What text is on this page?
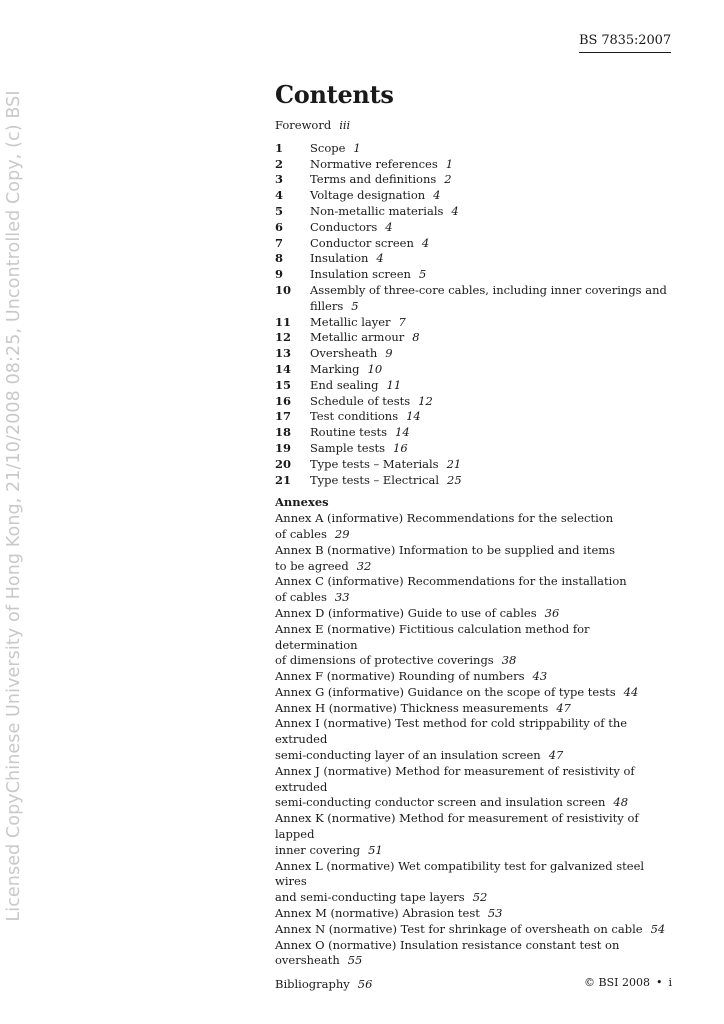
Licensed CopyChinese University of Hong Kong, 21/10/2008 08:25, Uncontrolled Copy, (c) BSI
BS 7835:2007
Contents
Foreword iii
1	Scope 1
2	Normative references 1
3	Terms and definitions 2
4	Voltage designation 4
5	Non-metallic materials 4
6	Conductors 4
7	Conductor screen 4
8	Insulation 4
9	Insulation screen 5
10	Assembly of three-core cables, including inner coverings and fillers 5
11	Metallic layer 7
12	Metallic armour 8
13	Oversheath 9
14	Marking 10
15	End sealing 11
16	Schedule of tests 12
17	Test conditions 14
18	Routine tests 14
19	Sample tests 16
20	Type tests – Materials 21
21	Type tests – Electrical 25
Annexes
Annex A (informative) Recommendations for the selection
of cables 29
Annex B (normative) Information to be supplied and items
to be agreed 32
Annex C (informative) Recommendations for the installation
of cables 33
Annex D (informative) Guide to use of cables 36
Annex E (normative) Fictitious calculation method for determination
of dimensions of protective coverings 38
Annex F (normative) Rounding of numbers 43
Annex G (informative) Guidance on the scope of type tests 44
Annex H (normative) Thickness measurements 47
Annex I (normative) Test method for cold strippability of the extruded
semi-conducting layer of an insulation screen 47
Annex J (normative) Method for measurement of resistivity of extruded
semi-conducting conductor screen and insulation screen 48
Annex K (normative) Method for measurement of resistivity of lapped
inner covering 51
Annex L (normative) Wet compatibility test for galvanized steel wires
and semi-conducting tape layers 52
Annex M (normative) Abrasion test 53
Annex N (normative) Test for shrinkage of oversheath on cable 54
Annex O (normative) Insulation resistance constant test on
oversheath 55
Bibliography 56	© BSI 2008 • i
